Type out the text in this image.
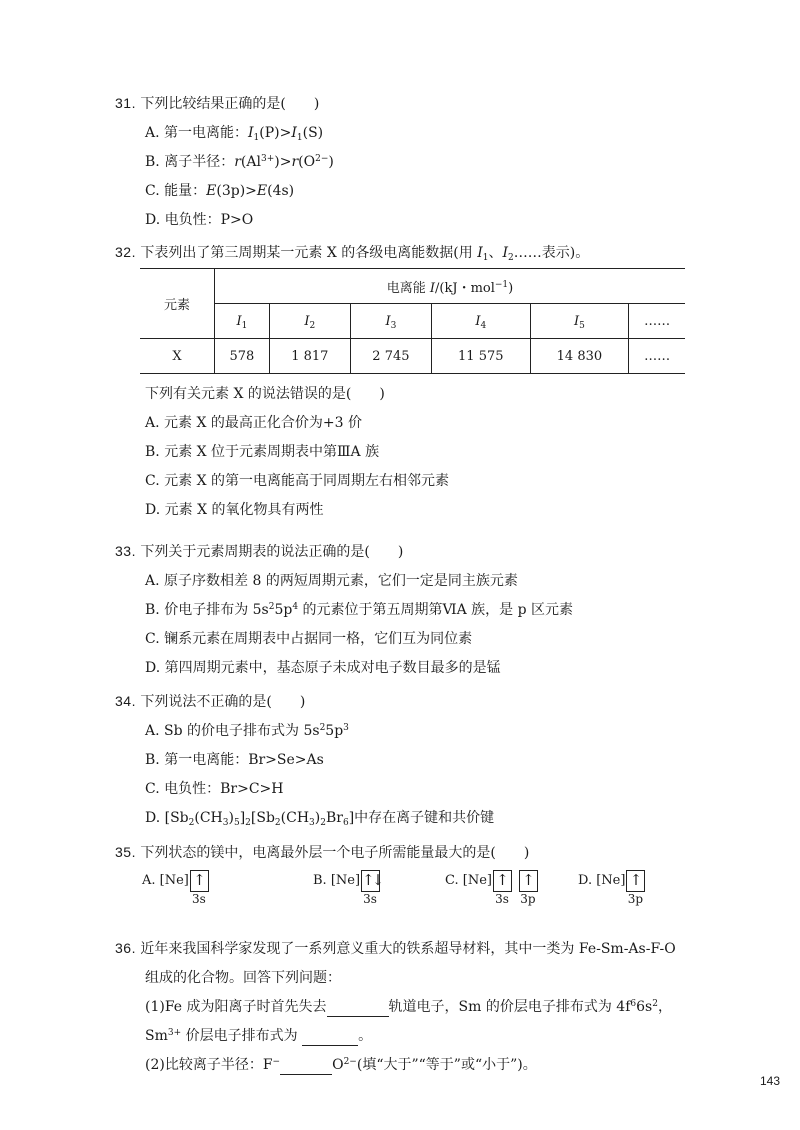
31. 下列比较结果正确的是(　　)
A. 第一电离能：$I_1(P)>I_1(S)$
B. 离子半径：$r(Al^{3+})>r(O^{2-})$
C. 能量：E(3p)>E(4s)
D. 电负性：P>O
32. 下表列出了第三周期某一元素 X 的各级电离能数据(用 $I_1$、$I_2\dots\dots$表示)。
元素	电离能 I/(kJ・mol$^{-1}$)					
	$I_1$	$I_2$	$I_3$	$I_4$	$I_5$	……
X	578	1 817	2 745	11 575	14 830	……
下列有关元素 X 的说法错误的是(　　)
A. 元素 X 的最高正化合价为+3 价
B. 元素 X 位于元素周期表中第ⅢA 族
C. 元素 X 的第一电离能高于同周期左右相邻元素
D. 元素 X 的氧化物具有两性
33. 下列关于元素周期表的说法正确的是(　　)
A. 原子序数相差 8 的两短周期元素，它们一定是同主族元素
B. 价电子排布为 $5s^25p^4$ 的元素位于第五周期第ⅥA 族，是 p 区元素
C. 镧系元素在周期表中占据同一格，它们互为同位素
D. 第四周期元素中，基态原子未成对电子数目最多的是锰
34. 下列说法不正确的是(　　)
A. Sb 的价电子排布式为 $5s^25p^3$
B. 第一电离能：Br>Se>As
C. 电负性：Br>C>H
D. $[Sb_2(CH_3)_5]_2[Sb_2(CH_3)_2Br_6]$中存在离子键和共价键
35. 下列状态的镁中，电离最外层一个电子所需能量最大的是(　　)
A. [Ne] ↑
3s
B. [Ne] ↑↓
3s
C. [Ne] ↑
3s
↑
3p
D. [Ne] ↑
3p
36. 近年来我国科学家发现了一系列意义重大的铁系超导材料，其中一类为 Fe-Sm-As-F-O
组成的化合物。回答下列问题：
(1)Fe 成为阳离子时首先失去	轨道电子，Sm 的价层电子排布式为 $4f^66s^2$，
$Sm^{3+}$ 价层电子排布式为	。
(2)比较离子半径：F−	$O^{2-}$(填“大于”“等于”或“小于”)。
143
